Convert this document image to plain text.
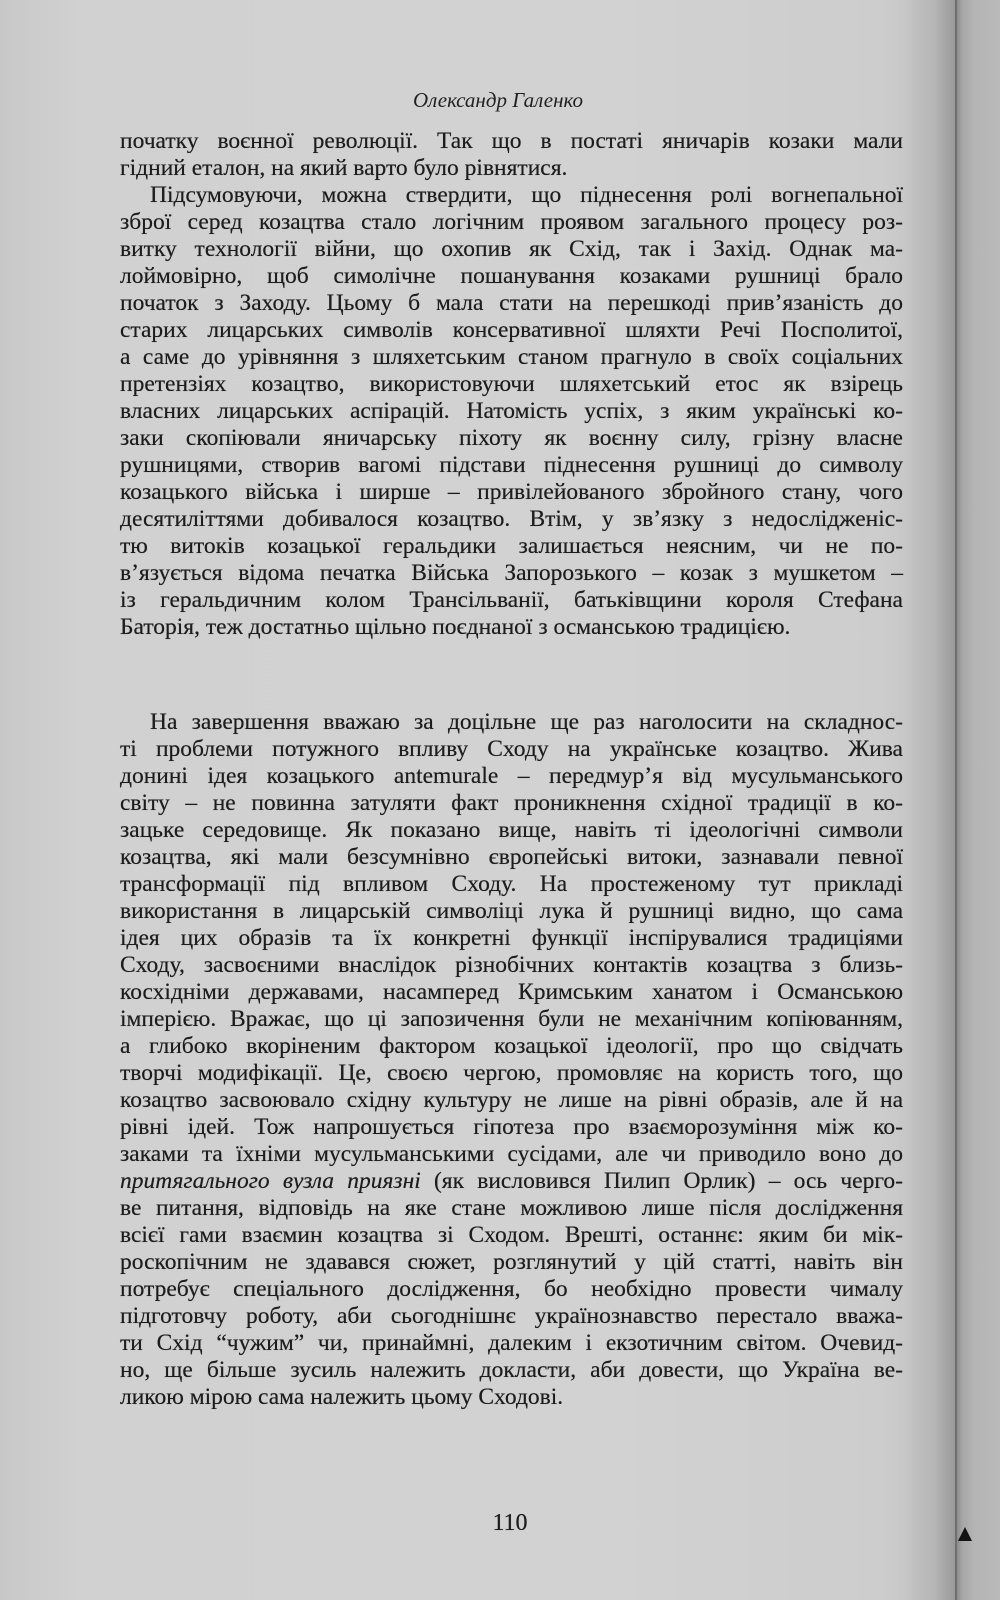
Олександр Галенко
початку воєнної революції. Так що в постаті яничарів козаки мали
гідний еталон, на який варто було рівнятися.
Підсумовуючи, можна ствердити, що піднесення ролі вогнепальної
зброї серед козацтва стало логічним проявом загального процесу роз-
витку технології війни, що охопив як Схід, так і Захід. Однак ма-
лоймовірно, щоб симолічне пошанування козаками рушниці брало
початок з Заходу. Цьому б мала стати на перешкоді прив’язаність до
старих лицарських символів консервативної шляхти Речі Посполитої,
а саме до урівняння з шляхетським станом прагнуло в своїх соціальних
претензіях козацтво, використовуючи шляхетський етос як взірець
власних лицарських аспірацій. Натомість успіх, з яким українські ко-
заки скопіювали яничарську піхоту як воєнну силу, грізну власне
рушницями, створив вагомі підстави піднесення рушниці до символу
козацького війська і ширше – привілейованого збройного стану, чого
десятиліттями добивалося козацтво. Втім, у зв’язку з недослідженіс-
тю витоків козацької геральдики залишається неясним, чи не по-
в’язується відома печатка Війська Запорозького – козак з мушкетом –
із геральдичним колом Трансільванії, батьківщини короля Стефана
Баторія, теж достатньо щільно поєднаної з османською традицією.
На завершення вважаю за доцільне ще раз наголосити на складнос-
ті проблеми потужного впливу Сходу на українське козацтво. Жива
донині ідея козацького antemurale – передмур’я від мусульманського
світу – не повинна затуляти факт проникнення східної традиції в ко-
зацьке середовище. Як показано вище, навіть ті ідеологічні символи
козацтва, які мали безсумнівно європейські витоки, зазнавали певної
трансформації під впливом Сходу. На простеженому тут прикладі
використання в лицарській символіці лука й рушниці видно, що сама
ідея цих образів та їх конкретні функції інспірувалися традиціями
Сходу, засвоєними внаслідок різнобічних контактів козацтва з близь-
косхідніми державами, насамперед Кримським ханатом і Османською
імперією. Вражає, що ці запозичення були не механічним копіюванням,
а глибоко вкоріненим фактором козацької ідеології, про що свідчать
творчі модифікації. Це, своєю чергою, промовляє на користь того, що
козацтво засвоювало східну культуру не лише на рівні образів, але й на
рівні ідей. Тож напрошується гіпотеза про взаєморозуміння між ко-
заками та їхніми мусульманськими сусідами, але чи приводило воно до
притягального вузла приязні (як висловився Пилип Орлик) – ось черго-
ве питання, відповідь на яке стане можливою лише після дослідження
всієї гами взаємин козацтва зі Сходом. Врешті, останнє: яким би мік-
роскопічним не здавався сюжет, розглянутий у цій статті, навіть він
потребує спеціального дослідження, бо необхідно провести чималу
підготовчу роботу, аби сьогоднішнє українознавство перестало вважа-
ти Схід “чужим” чи, принаймні, далеким і екзотичним світом. Очевид-
но, ще більше зусиль належить докласти, аби довести, що Україна ве-
ликою мірою сама належить цьому Сходові.
110
